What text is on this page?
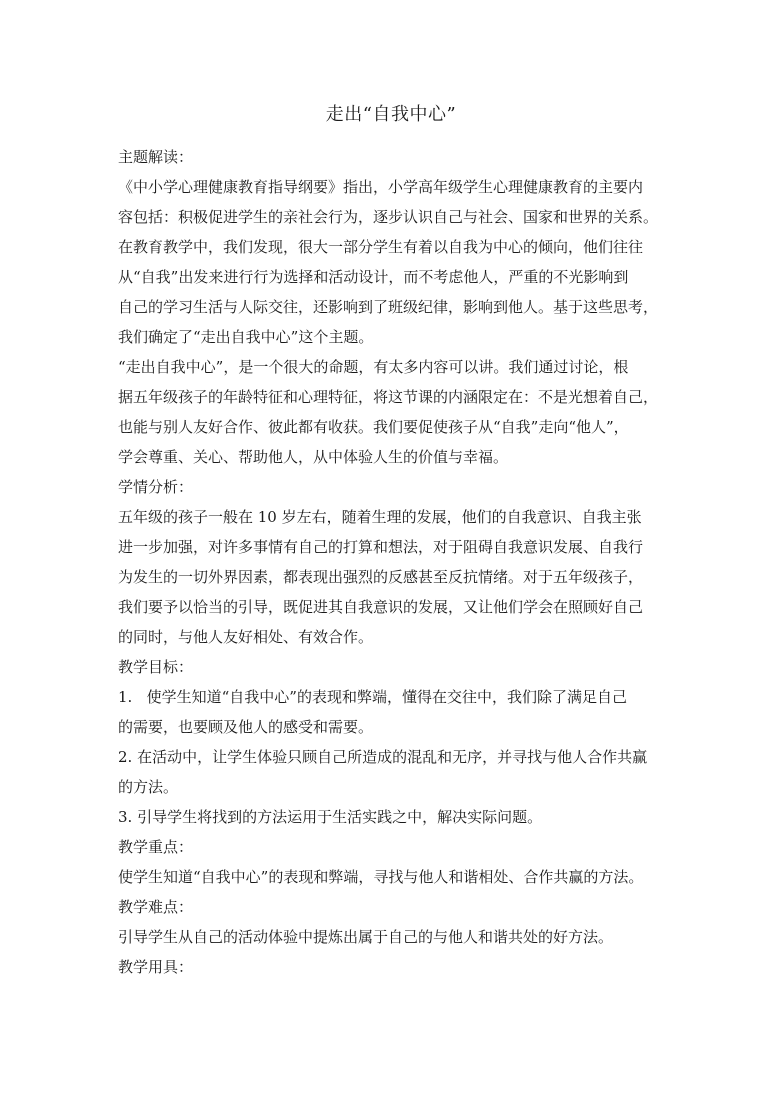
走出“自我中心”

主题解读：

《中小学心理健康教育指导纲要》指出，小学高年级学生心理健康教育的主要内

容包括：积极促进学生的亲社会行为，逐步认识自己与社会、国家和世界的关系。

在教育教学中，我们发现，很大一部分学生有着以自我为中心的倾向，他们往往

从“自我”出发来进行行为选择和活动设计，而不考虑他人，严重的不光影响到

自己的学习生活与人际交往，还影响到了班级纪律，影响到他人。基于这些思考，

我们确定了“走出自我中心”这个主题。

“走出自我中心”，是一个很大的命题，有太多内容可以讲。我们通过讨论，根

据五年级孩子的年龄特征和心理特征，将这节课的内涵限定在：不是光想着自己，

也能与别人友好合作、彼此都有收获。我们要促使孩子从“自我”走向“他人”，

学会尊重、关心、帮助他人，从中体验人生的价值与幸福。

学情分析：

五年级的孩子一般在 10 岁左右，随着生理的发展，他们的自我意识、自我主张

进一步加强，对许多事情有自己的打算和想法，对于阻碍自我意识发展、自我行

为发生的一切外界因素，都表现出强烈的反感甚至反抗情绪。对于五年级孩子，

我们要予以恰当的引导，既促进其自我意识的发展，又让他们学会在照顾好自己

的同时，与他人友好相处、有效合作。

教学目标：

1.   使学生知道“自我中心”的表现和弊端，懂得在交往中，我们除了满足自己

的需要，也要顾及他人的感受和需要。

2. 在活动中，让学生体验只顾自己所造成的混乱和无序，并寻找与他人合作共赢

的方法。

3. 引导学生将找到的方法运用于生活实践之中，解决实际问题。

教学重点：

使学生知道“自我中心”的表现和弊端，寻找与他人和谐相处、合作共赢的方法。

教学难点：

引导学生从自己的活动体验中提炼出属于自己的与他人和谐共处的好方法。

教学用具：
